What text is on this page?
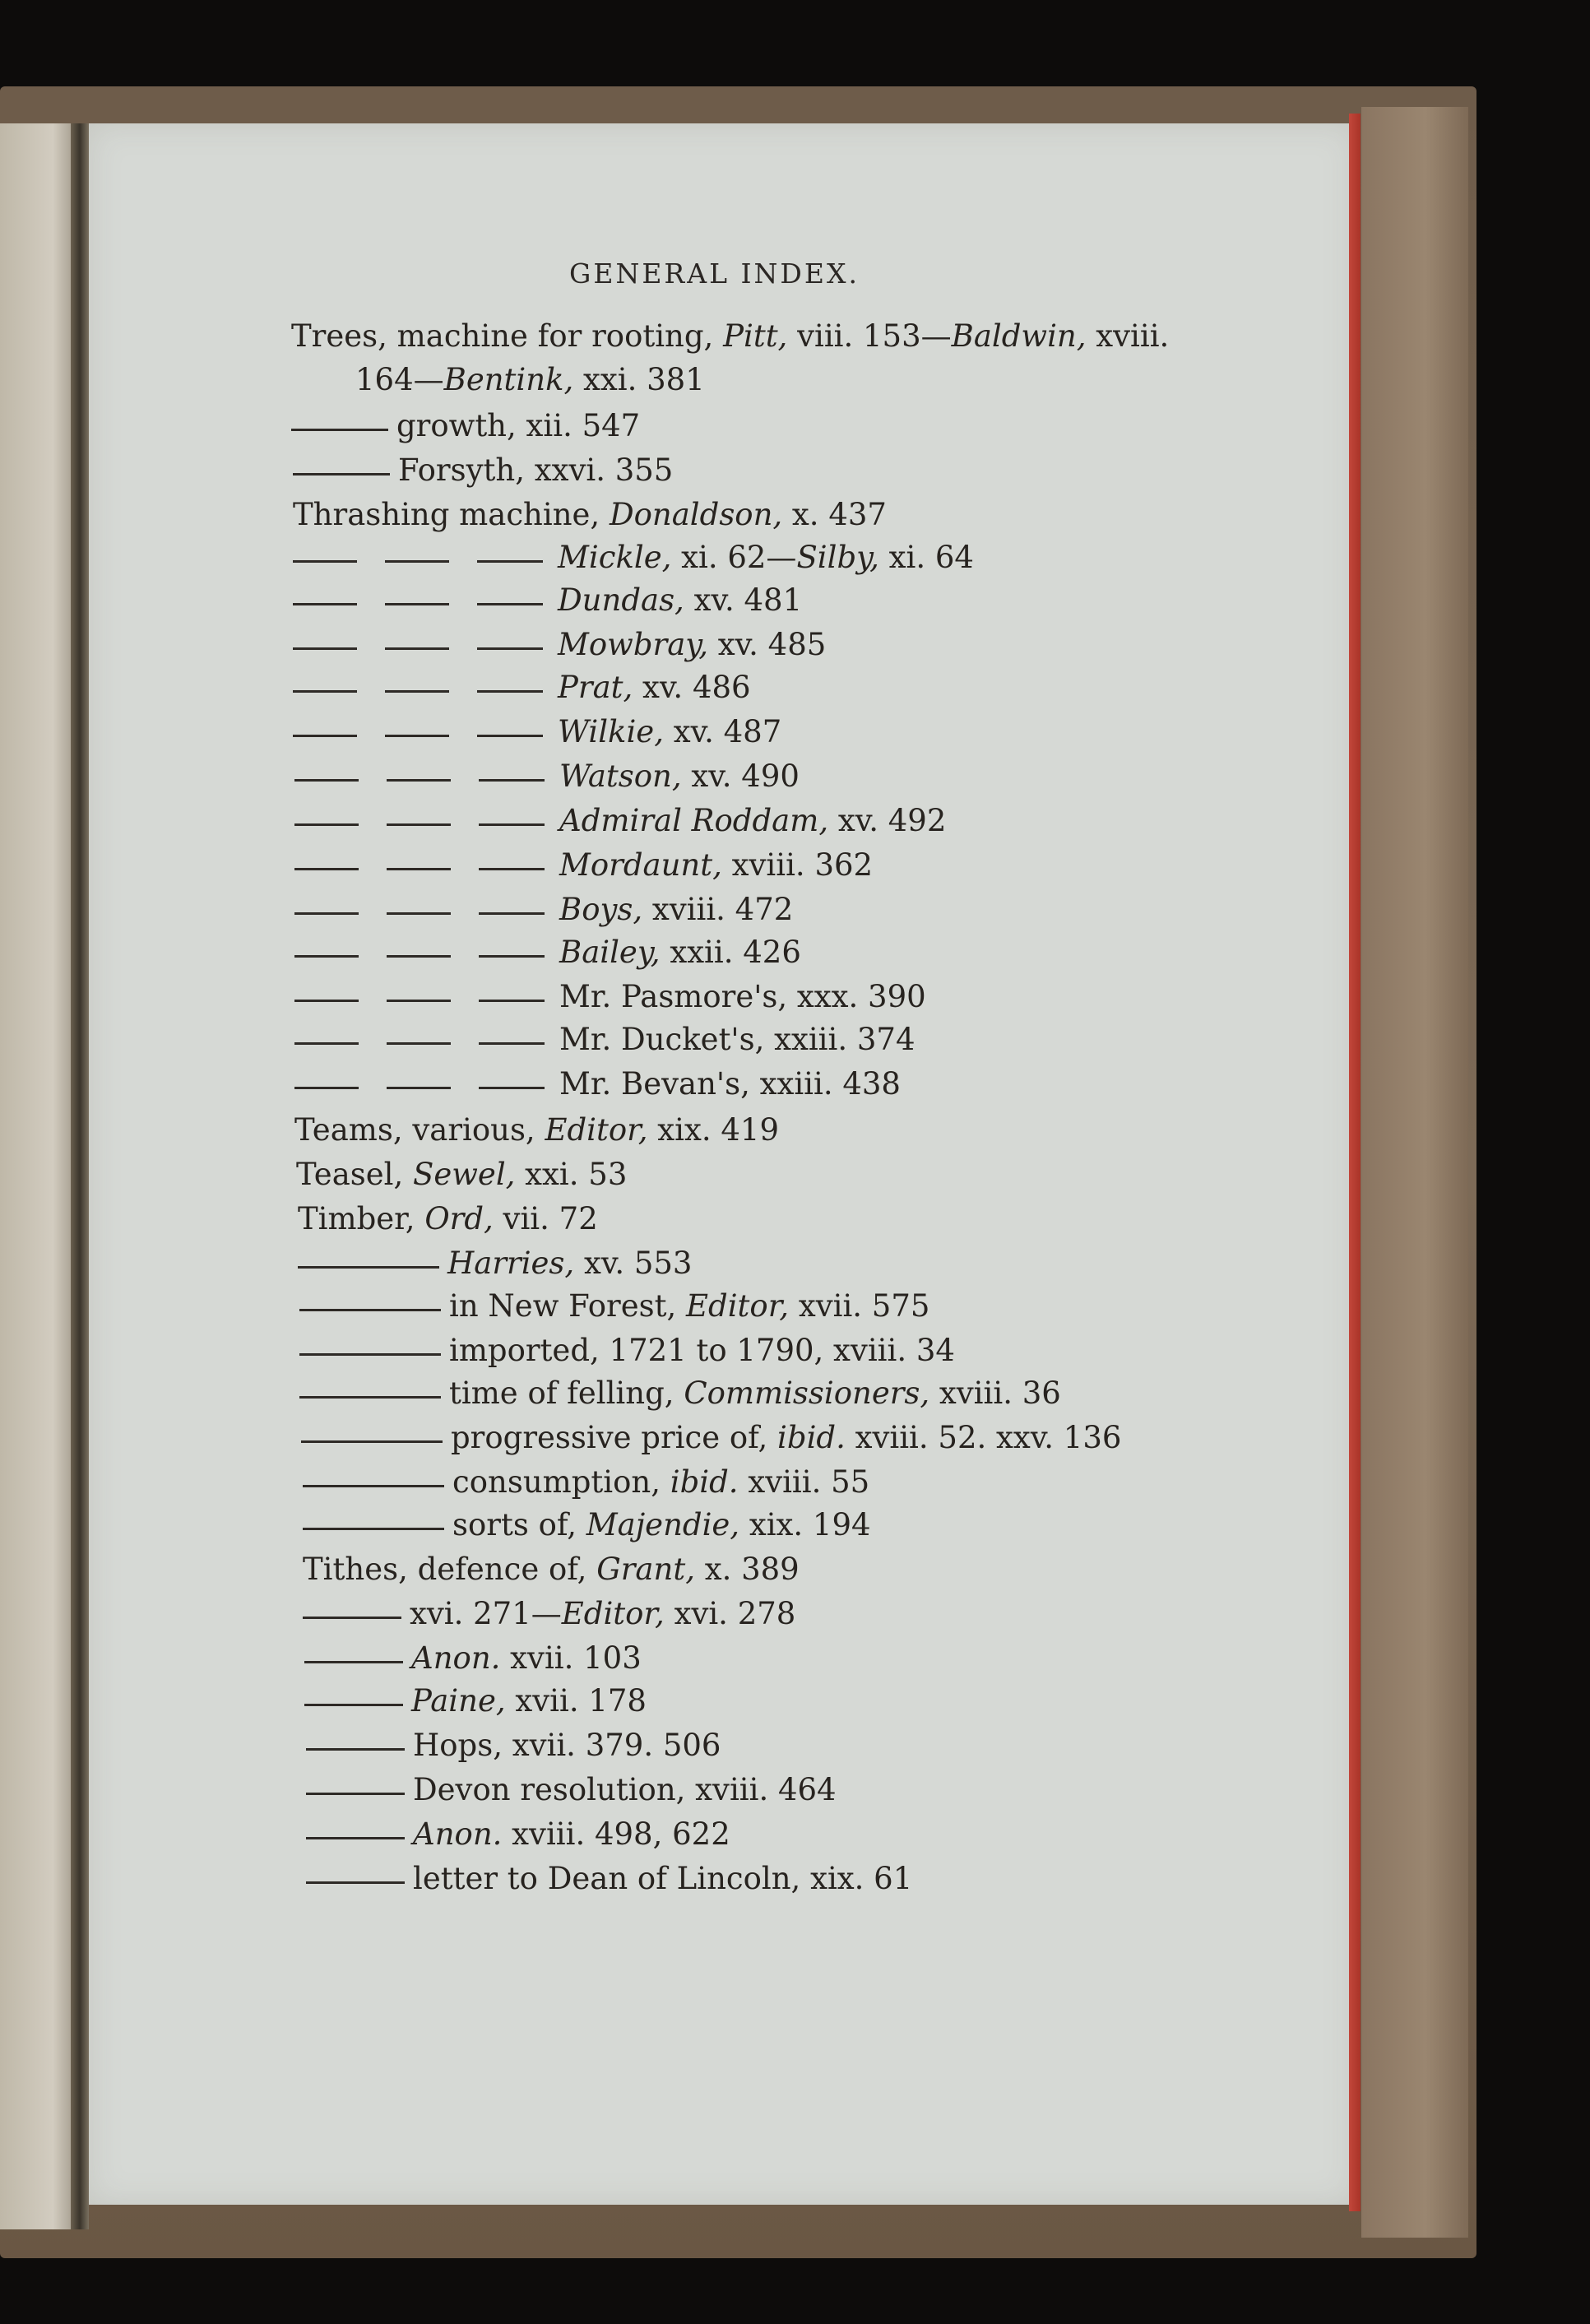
GENERAL INDEX.
Trees, machine for rooting, Pitt, viii. 153—Baldwin, xviii.
164—Bentink, xxi. 381
growth, xii. 547
Forsyth, xxvi. 355
Thrashing machine, Donaldson, x. 437
Mickle, xi. 62—Silby, xi. 64
Dundas, xv. 481
Mowbray, xv. 485
Prat, xv. 486
Wilkie, xv. 487
Watson, xv. 490
Admiral Roddam, xv. 492
Mordaunt, xviii. 362
Boys, xviii. 472
Bailey, xxii. 426
Mr. Pasmore's, xxx. 390
Mr. Ducket's, xxiii. 374
Mr. Bevan's, xxiii. 438
Teams, various, Editor, xix. 419
Teasel, Sewel, xxi. 53
Timber, Ord, vii. 72
Harries, xv. 553
in New Forest, Editor, xvii. 575
imported, 1721 to 1790, xviii. 34
time of felling, Commissioners, xviii. 36
progressive price of, ibid. xviii. 52. xxv. 136
consumption, ibid. xviii. 55
sorts of, Majendie, xix. 194
Tithes, defence of, Grant, x. 389
xvi. 271—Editor, xvi. 278
Anon. xvii. 103
Paine, xvii. 178
Hops, xvii. 379. 506
Devon resolution, xviii. 464
Anon. xviii. 498, 622
letter to Dean of Lincoln, xix. 61
